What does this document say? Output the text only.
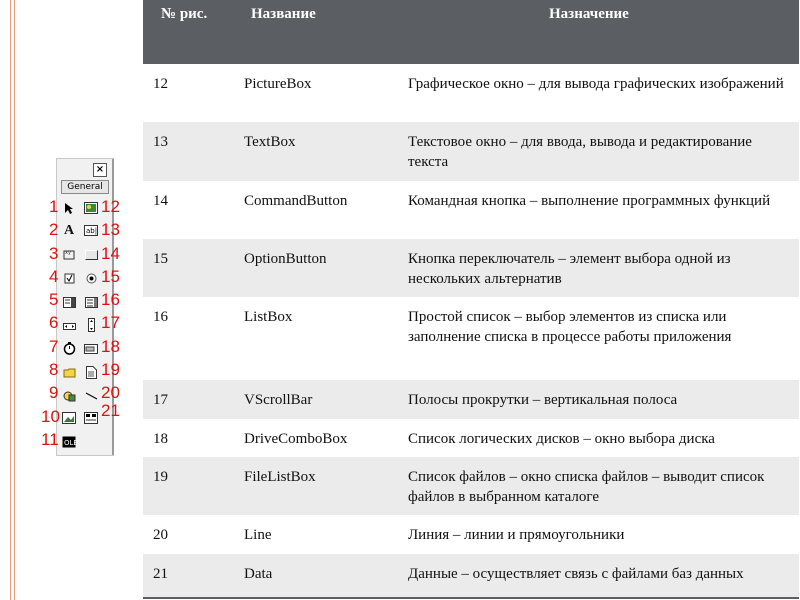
×
General
A
xy
OLE
ab|
1
2
3
4
5
6
7
8
9
10
11
12
13
14
15
16
17
18
19
20
21
№ рис.	Название	Назначение
12	PictureBox	Графическое окно – для вывода графических изображений
13	TextBox	Текстовое окно – для ввода, вывода и редактирование текста
14	CommandButton	Командная кнопка – выполнение программных функций
15	OptionButton	Кнопка переключатель – элемент выбора одной из нескольких альтернатив
16	ListBox	Простой список – выбор элементов из списка или заполнение списка в процессе работы приложения
17	VScrollBar	Полосы прокрутки – вертикальная полоса
18	DriveComboBox	Список логических дисков – окно выбора диска
19	FileListBox	Список файлов – окно списка файлов – выводит список файлов в выбранном каталоге
20	Line	Линия – линии и прямоугольники
21	Data	Данные – осуществляет связь с файлами баз данных
